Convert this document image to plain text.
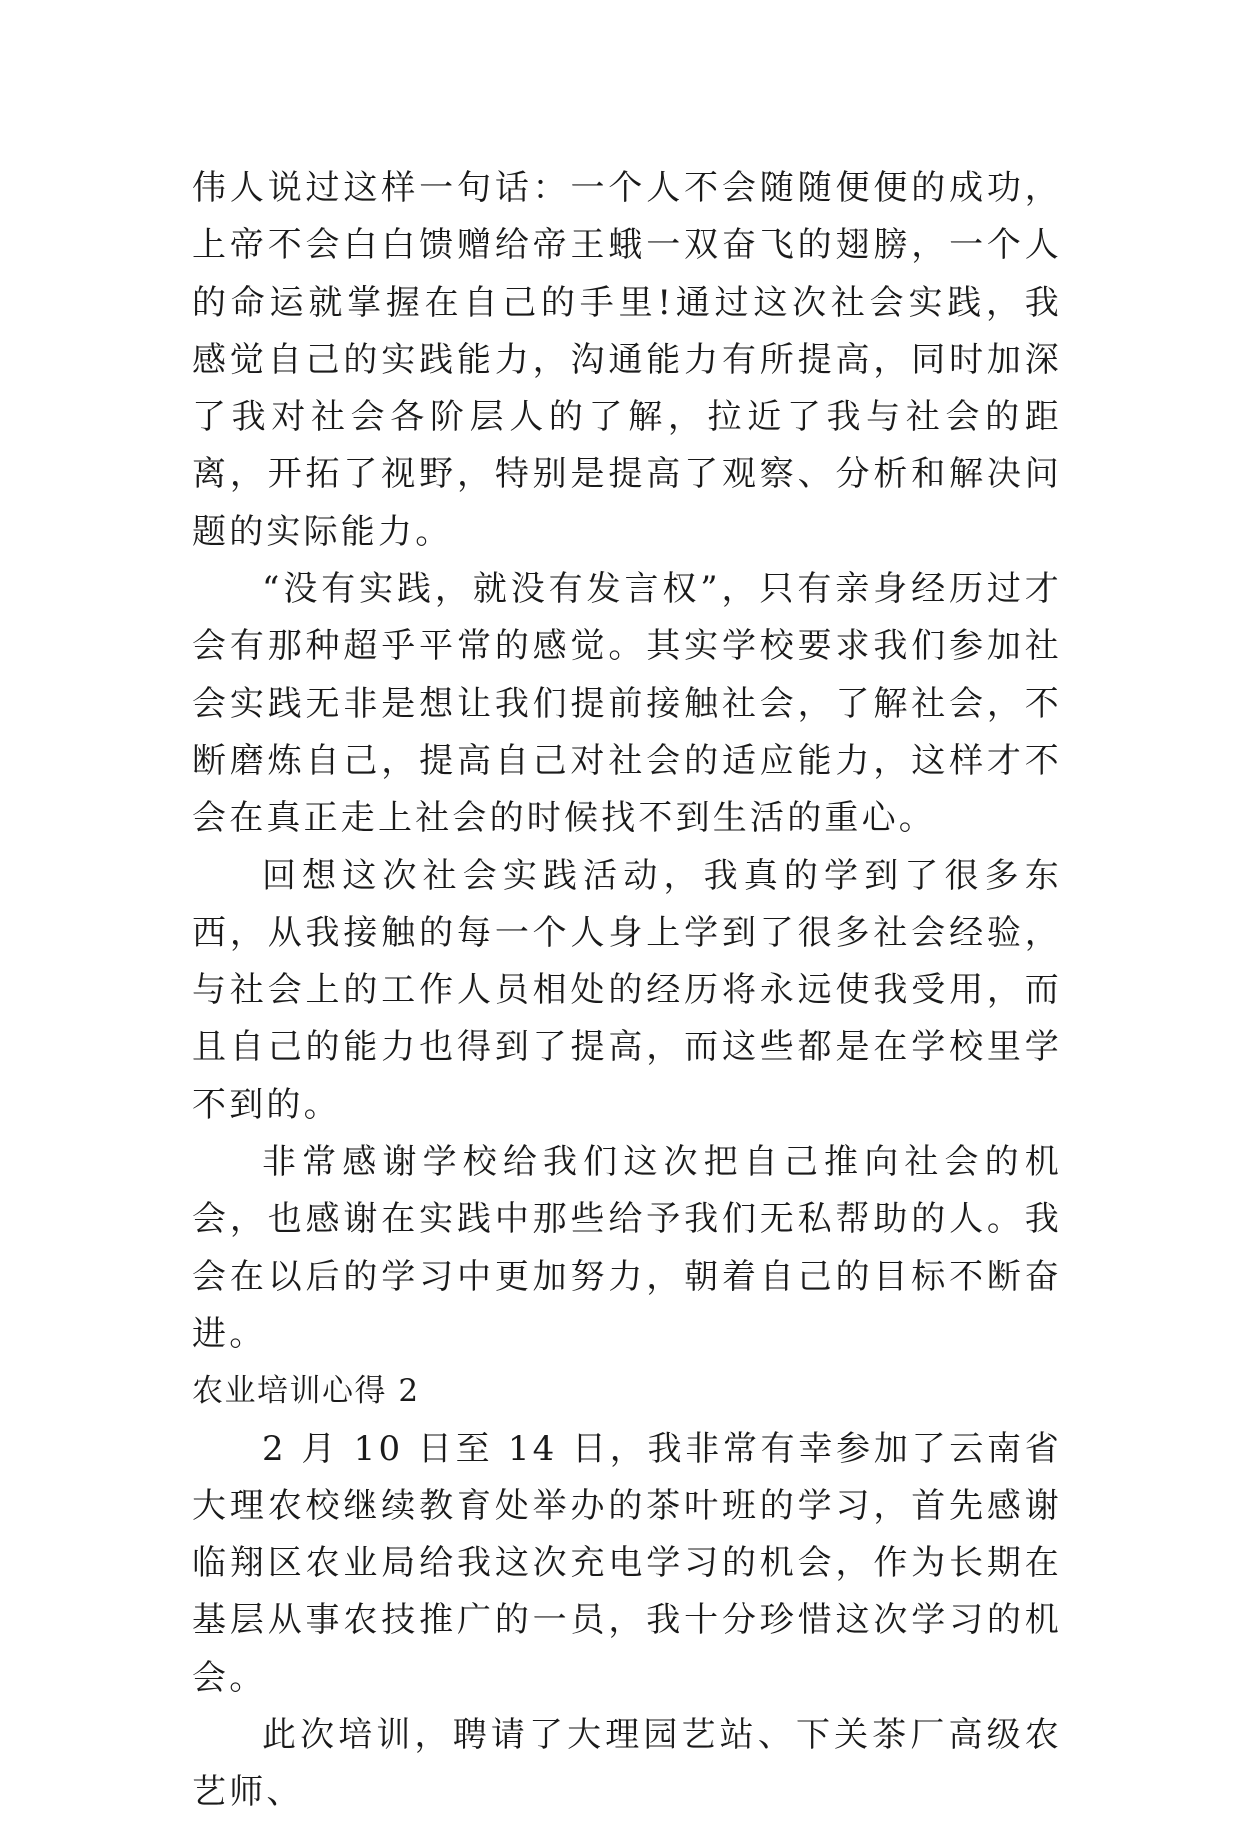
伟人说过这样一句话：一个人不会随随便便的成功，上帝不会白白馈赠给帝王蛾一双奋飞的翅膀，一个人的命运就掌握在自己的手里!通过这次社会实践，我感觉自己的实践能力，沟通能力有所提高，同时加深了我对社会各阶层人的了解，拉近了我与社会的距离，开拓了视野，特别是提高了观察、分析和解决问题的实际能力。

“没有实践，就没有发言权”，只有亲身经历过才会有那种超乎平常的感觉。其实学校要求我们参加社会实践无非是想让我们提前接触社会，了解社会，不断磨炼自己，提高自己对社会的适应能力，这样才不会在真正走上社会的时候找不到生活的重心。

回想这次社会实践活动，我真的学到了很多东西，从我接触的每一个人身上学到了很多社会经验，与社会上的工作人员相处的经历将永远使我受用，而且自己的能力也得到了提高，而这些都是在学校里学不到的。

非常感谢学校给我们这次把自己推向社会的机会，也感谢在实践中那些给予我们无私帮助的人。我会在以后的学习中更加努力，朝着自己的目标不断奋进。

农业培训心得 2

2 月 10 日至 14 日，我非常有幸参加了云南省大理农校继续教育处举办的茶叶班的学习，首先感谢临翔区农业局给我这次充电学习的机会，作为长期在基层从事农技推广的一员，我十分珍惜这次学习的机会。

此次培训，聘请了大理园艺站、下关茶厂高级农艺师、
